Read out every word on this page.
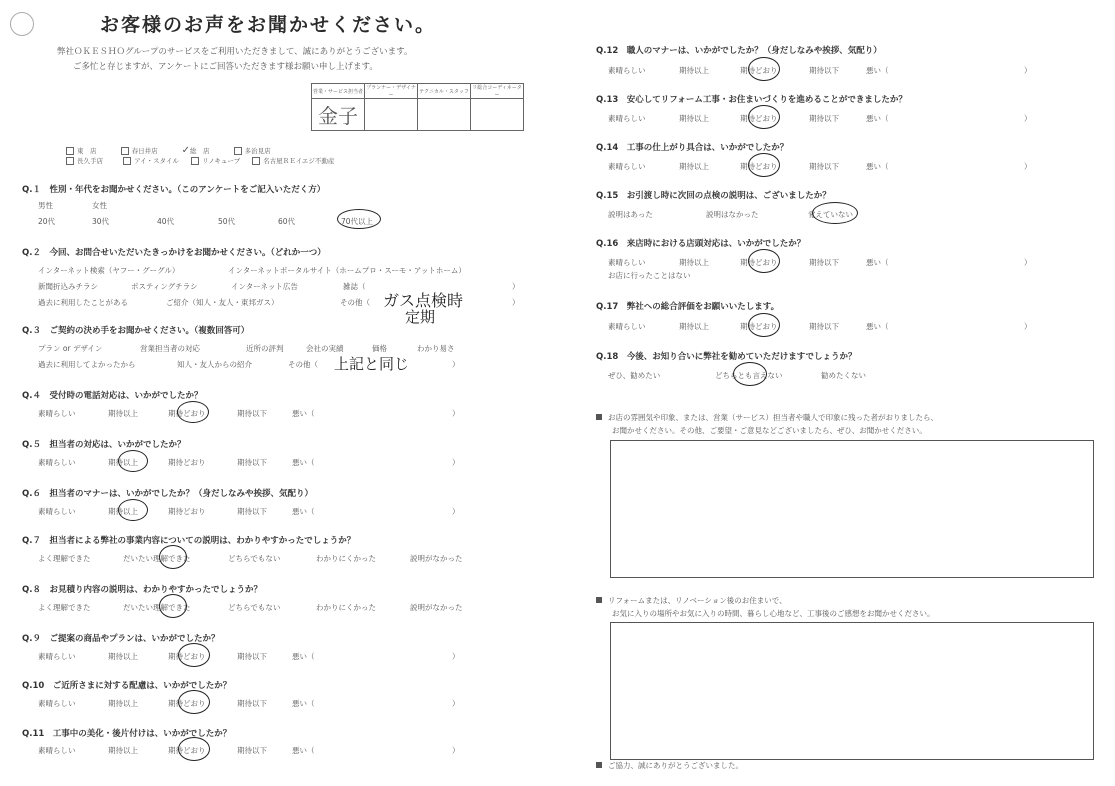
お客様のお声をお聞かせください。
弊社ＯＫＥＳＨＯグループのサービスをご利用いただきまして、誠にありがとうございます。
ご多忙と存じますが、アンケートにご回答いただきます様お願い申し上げます。
営業・サービス担当者	プランナー・デザイナー	テクニカル・スタッフ	リ総合コーディネーター
金子			
東　店	春日井店 ✓総　店	多治見店
長久手店	アイ・スタイル	リノキューブ	名古屋ＲＥイエジ不動産
Q.１　性別・年代をお聞かせください。（このアンケートをご記入いただく方）
男性	女性
20代	30代	40代	50代	60代	70代以上
Q.２　今回、お問合せいただいたきっかけをお聞かせください。（どれか一つ）
インターネット検索（ヤフー・グーグル）	インターネットポータルサイト（ホームプロ・スーモ・アットホーム）
新聞折込みチラシ	ポスティングチラシ	インターネット広告	雑誌（	）
過去に利用したことがある	ご紹介（知人・友人・東邦ガス）	その他（	）
ガス点検時
定期
Q.３　ご契約の決め手をお聞かせください。（複数回答可）
プラン or デザイン	営業担当者の対応	近所の評判	会社の実績	価格	わかり易さ
過去に利用してよかったから	知人・友人からの紹介	その他（	）
上記と同じ
Q.４　受付時の電話対応は、いかがでしたか？
素晴らしい	期待以上	期待どおり	期待以下	悪い（	）
Q.５　担当者の対応は、いかがでしたか？
素晴らしい	期待以上	期待どおり	期待以下	悪い（	）
Q.６　担当者のマナーは、いかがでしたか？（身だしなみや挨拶、気配り）
素晴らしい	期待以上	期待どおり	期待以下	悪い（	）
Q.７　担当者による弊社の事業内容についての説明は、わかりやすかったでしょうか？
よく理解できた	だいたい理解できた	どちらでもない	わかりにくかった	説明がなかった
Q.８　お見積り内容の説明は、わかりやすかったでしょうか？
よく理解できた	だいたい理解できた	どちらでもない	わかりにくかった	説明がなかった
Q.９　ご提案の商品やプランは、いかがでしたか？
素晴らしい	期待以上	期待どおり	期待以下	悪い（	）
Q.10　ご近所さまに対する配慮は、いかがでしたか？
素晴らしい	期待以上	期待どおり	期待以下	悪い（	）
Q.11　工事中の美化・後片付けは、いかがでしたか？
素晴らしい	期待以上	期待どおり	期待以下	悪い（	）
Q.12　職人のマナーは、いかがでしたか？（身だしなみや挨拶、気配り）
素晴らしい	期待以上	期待どおり	期待以下	悪い（	）
Q.13　安心してリフォーム工事・お住まいづくりを進めることができましたか？
素晴らしい	期待以上	期待どおり	期待以下	悪い（	）
Q.14　工事の仕上がり具合は、いかがでしたか？
素晴らしい	期待以上	期待どおり	期待以下	悪い（	）
Q.15　お引渡し時に次回の点検の説明は、ございましたか？
説明はあった	説明はなかった	覚えていない
Q.16　来店時における店頭対応は、いかがでしたか？
素晴らしい	期待以上	期待どおり	期待以下	悪い（	）
お店に行ったことはない
Q.17　弊社への総合評価をお願いいたします。
素晴らしい	期待以上	期待どおり	期待以下	悪い（	）
Q.18　今後、お知り合いに弊社を勧めていただけますでしょうか？
ぜひ、勧めたい	どちらとも言えない	勧めたくない
お店の雰囲気や印象、または、営業（サービス）担当者や職人で印象に残った者がおりましたら、
お聞かせください。その他、ご要望・ご意見などございましたら、ぜひ、お聞かせください。
リフォームまたは、リノベーション後のお住まいで、
お気に入りの場所やお気に入りの時間、暮らし心地など、工事後のご感想をお聞かせください。
ご協力、誠にありがとうございました。
